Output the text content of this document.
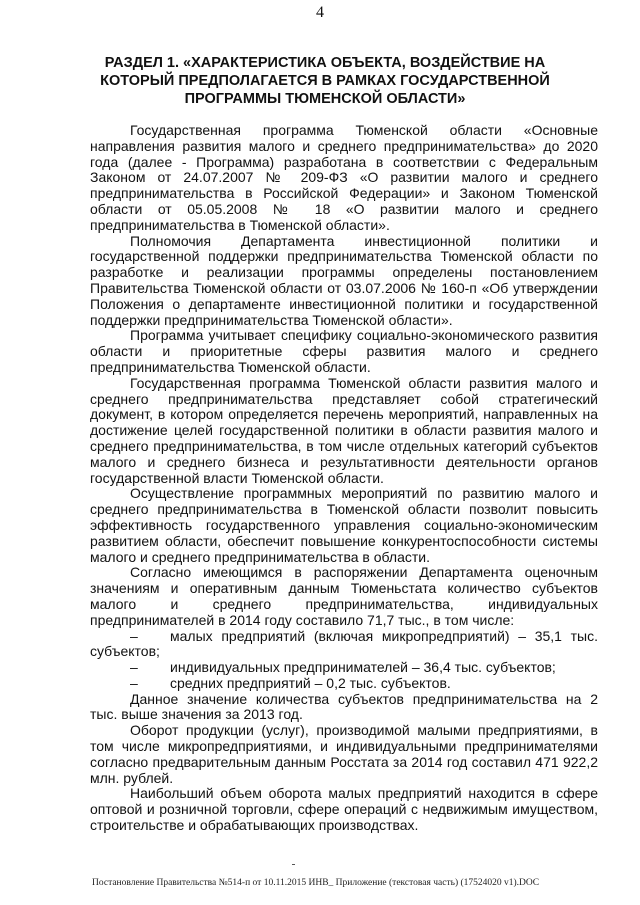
4
РАЗДЕЛ 1. «ХАРАКТЕРИСТИКА ОБЪЕКТА, ВОЗДЕЙСТВИЕ НА КОТОРЫЙ ПРЕДПОЛАГАЕТСЯ В РАМКАХ ГОСУДАРСТВЕННОЙ ПРОГРАММЫ ТЮМЕНСКОЙ ОБЛАСТИ»

Государственная программа Тюменской области «Основные направления развития малого и среднего предпринимательства» до 2020 года (далее - Программа) разработана в соответствии с Федеральным Законом от 24.07.2007 № 209-ФЗ «О развитии малого и среднего предпринимательства в Российской Федерации» и Законом Тюменской области от 05.05.2008 № 18 «О развитии малого и среднего предпринимательства в Тюменской области».

Полномочия Департамента инвестиционной политики и государственной поддержки предпринимательства Тюменской области по разработке и реализации программы определены постановлением Правительства Тюменской области от 03.07.2006 № 160-п «Об утверждении Положения о департаменте инвестиционной политики и государственной поддержки предпринимательства Тюменской области».

Программа учитывает специфику социально-экономического развития области и приоритетные сферы развития малого и среднего предпринимательства Тюменской области.

Государственная программа Тюменской области развития малого и среднего предпринимательства представляет собой стратегический документ, в котором определяется перечень мероприятий, направленных на достижение целей государственной политики в области развития малого и среднего предпринимательства, в том числе отдельных категорий субъектов малого и среднего бизнеса и результативности деятельности органов государственной власти Тюменской области.

Осуществление программных мероприятий по развитию малого и среднего предпринимательства в Тюменской области позволит повысить эффективность государственного управления социально-экономическим развитием области, обеспечит повышение конкурентоспособности системы малого и среднего предпринимательства в области.

Согласно имеющимся в распоряжении Департамента оценочным значениям и оперативным данным Тюменьстата количество субъектов малого и среднего предпринимательства, индивидуальных предпринимателей в 2014 году составило 71,7 тыс., в том числе:

– малых предприятий (включая микропредприятий) – 35,1 тыс. субъектов;
– индивидуальных предпринимателей – 36,4 тыс. субъектов;
– средних предприятий – 0,2 тыс. субъектов.

Данное значение количества субъектов предпринимательства на 2 тыс. выше значения за 2013 год.

Оборот продукции (услуг), производимой малыми предприятиями, в том числе микропредприятиями, и индивидуальными предпринимателями согласно предварительным данным Росстата за 2014 год составил 471 922,2 млн. рублей.

Наибольший объем оборота малых предприятий находится в сфере оптовой и розничной торговли, сфере операций с недвижимым имуществом, строительстве и обрабатывающих производствах.

Постановление Правительства №514-п от 10.11.2015 ИНВ_ Приложение (текстовая часть) (17524020 v1).DOC
